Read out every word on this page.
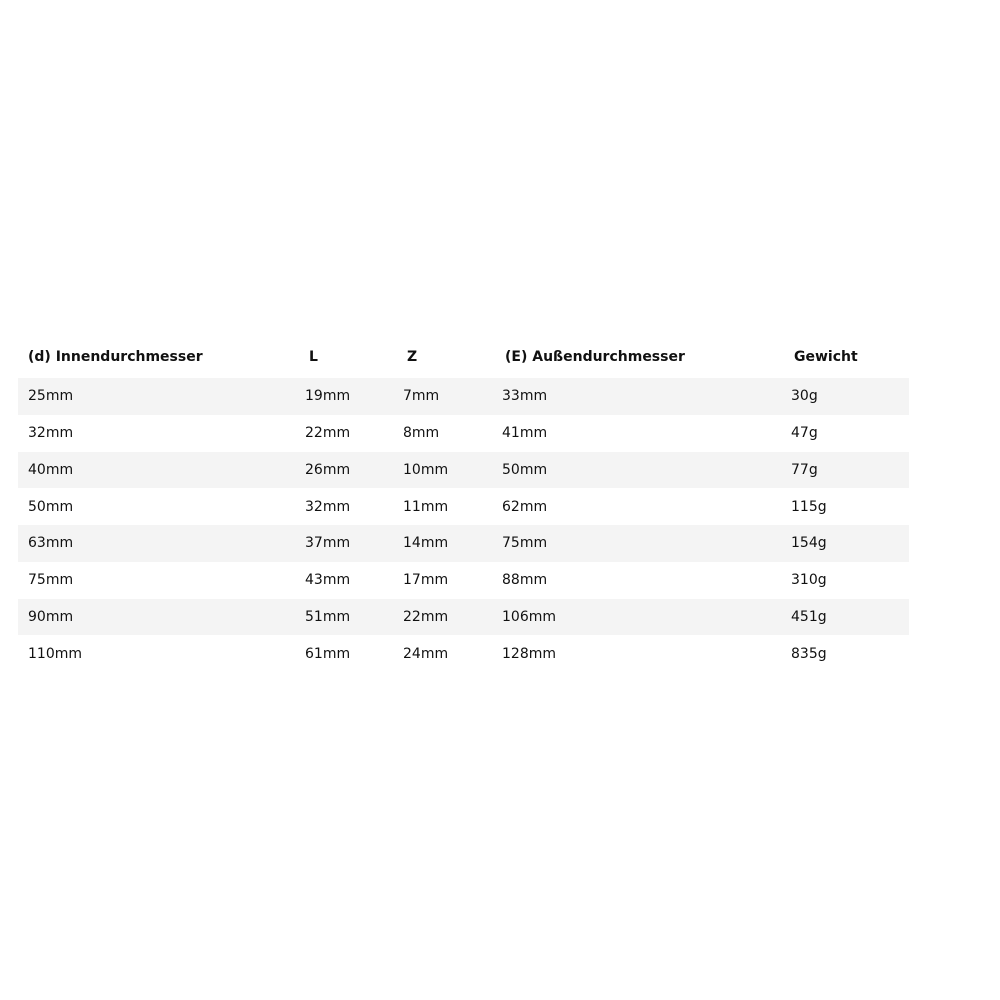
(d) Innendurchmesser	L	Z	(E) Außendurchmesser	Gewicht
25mm	19mm	7mm	33mm	30g
32mm	22mm	8mm	41mm	47g
40mm	26mm	10mm	50mm	77g
50mm	32mm	11mm	62mm	115g
63mm	37mm	14mm	75mm	154g
75mm	43mm	17mm	88mm	310g
90mm	51mm	22mm	106mm	451g
110mm	61mm	24mm	128mm	835g
